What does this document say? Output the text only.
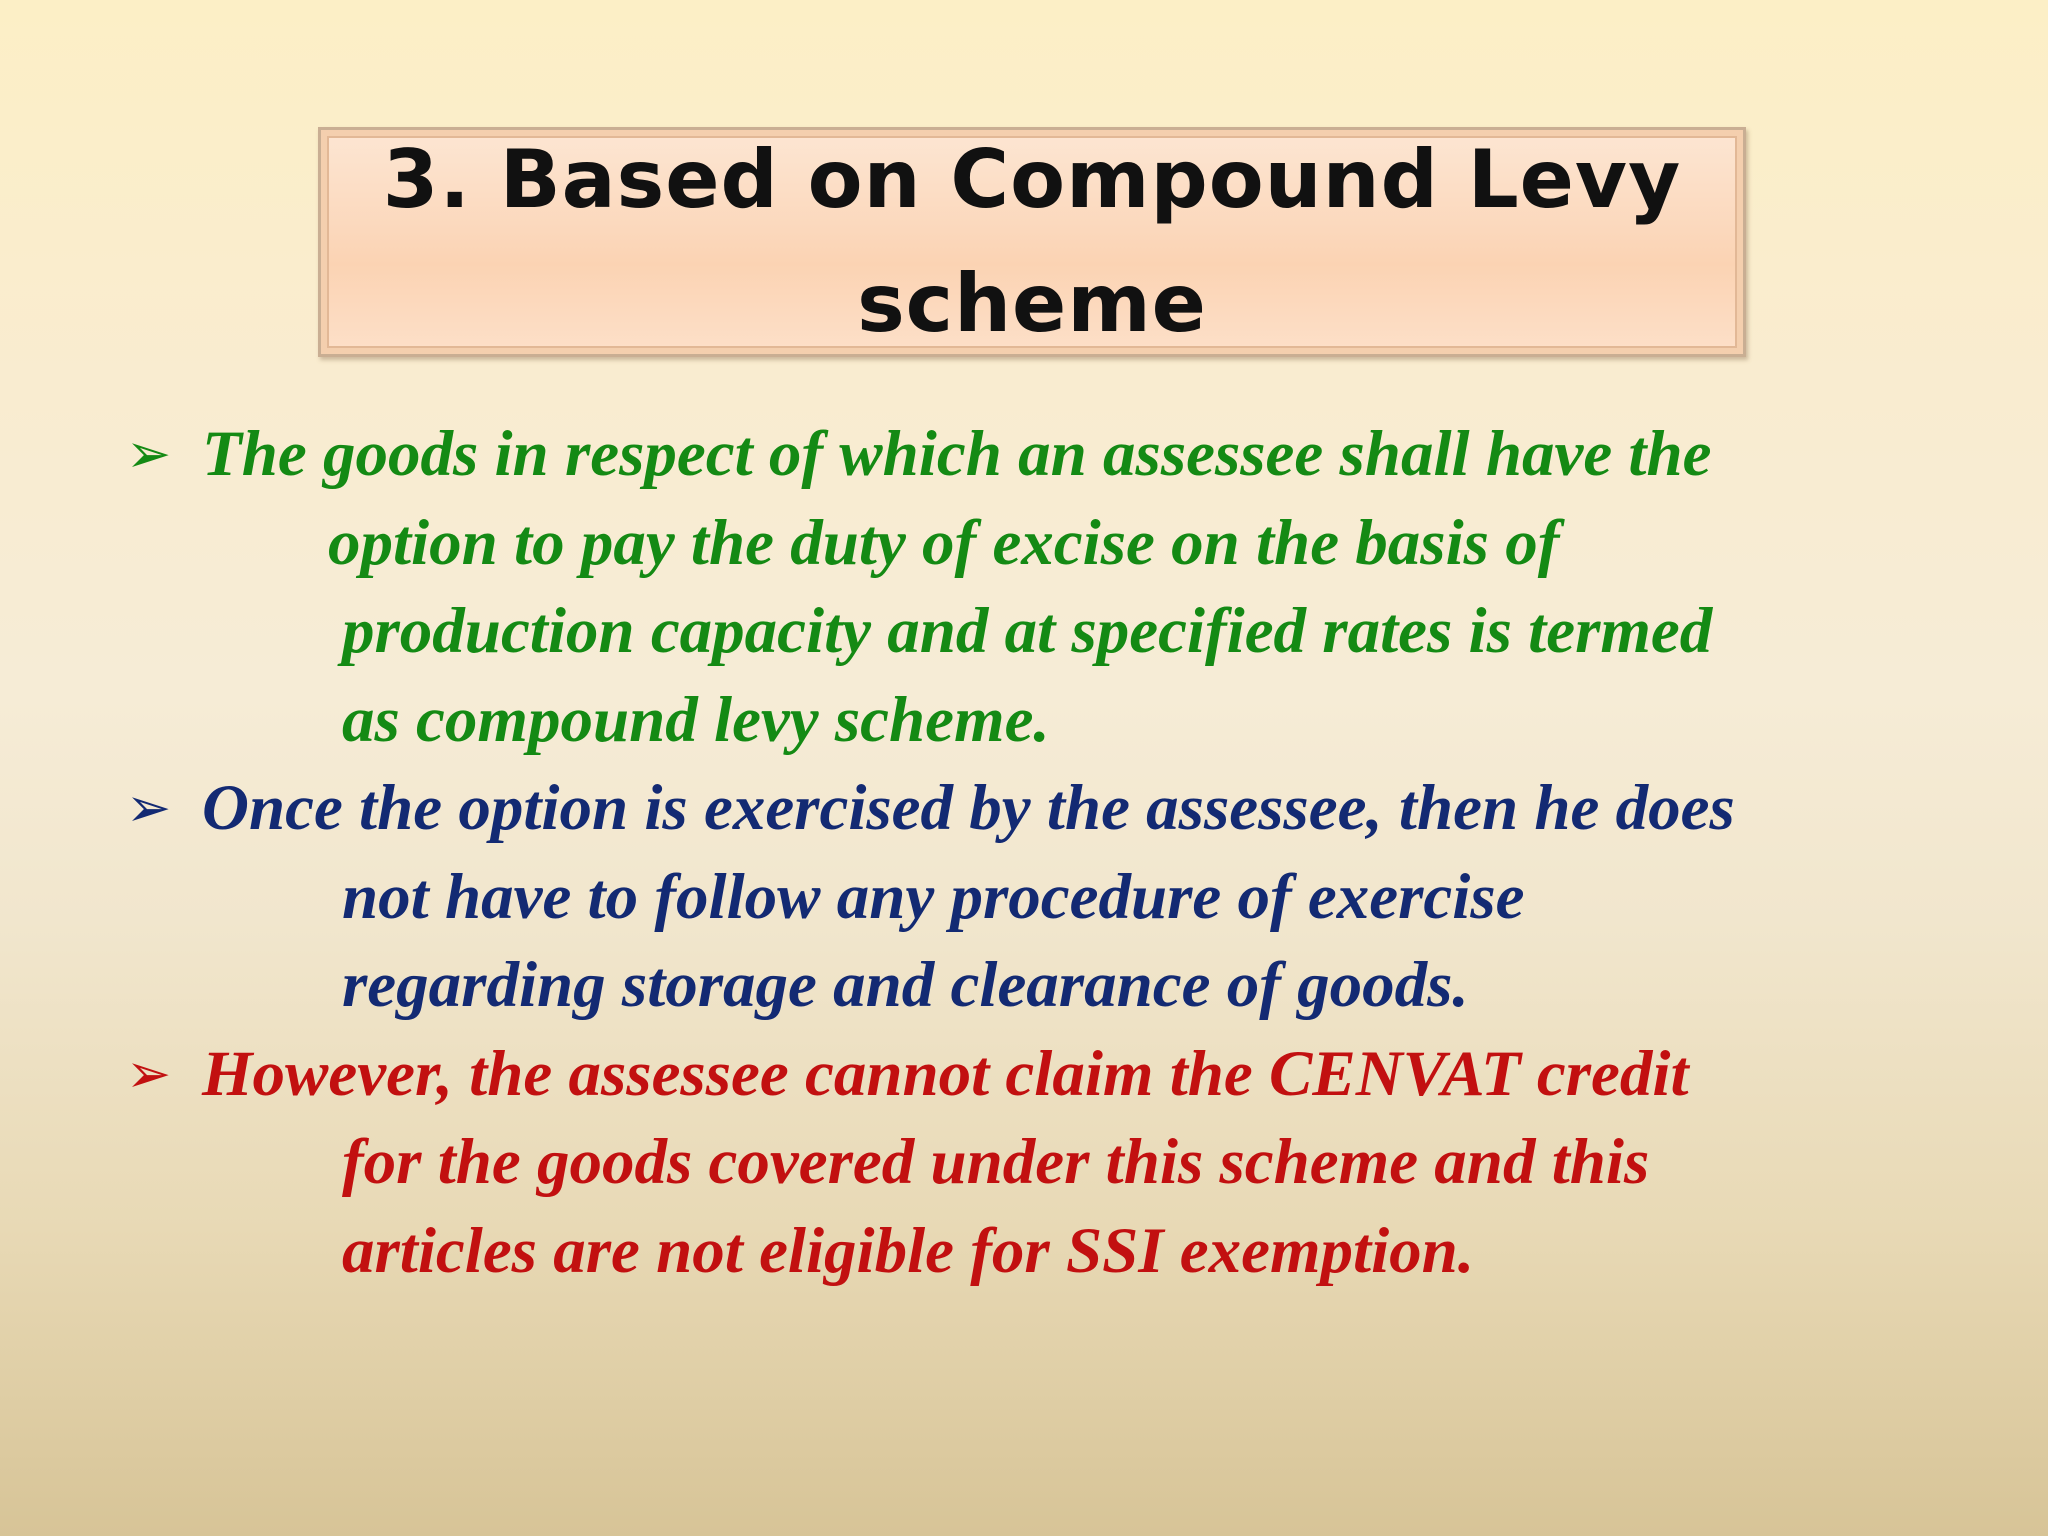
3. Based on Compound Levy scheme
➢ The goods in respect of which an assessee shall have the
option to pay the duty of excise on the basis of
production capacity and at specified rates is termed
as compound levy scheme.
➢ Once the option is exercised by the assessee, then he does
not have to follow any procedure of exercise
regarding storage and clearance of goods.
➢ However, the assessee cannot claim the CENVAT credit
for the goods covered under this scheme and this
articles are not eligible for SSI exemption.
